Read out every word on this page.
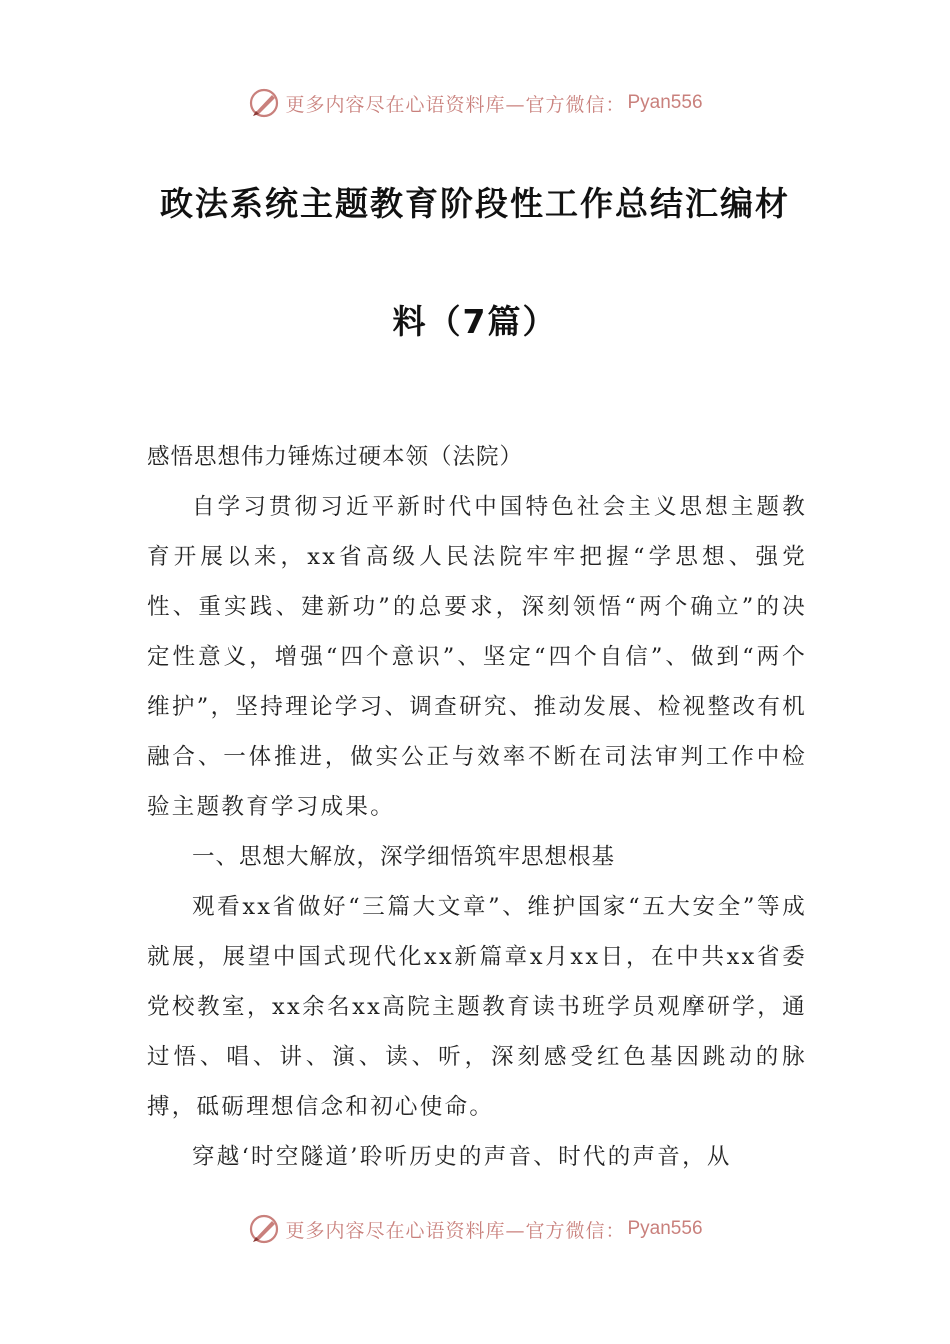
更多内容尽在心语资料库—官方微信： Pyan556
政法系统主题教育阶段性工作总结汇编材
料（7篇）

感悟思想伟力锤炼过硬本领（法院）

自学习贯彻习近平新时代中国特色社会主义思想主题教育开展以来，xx省高级人民法院牢牢把握“学思想、强党性、重实践、建新功”的总要求，深刻领悟“两个确立”的决定性意义，增强“四个意识”、坚定“四个自信”、做到“两个维护”，坚持理论学习、调查研究、推动发展、检视整改有机融合、一体推进，做实公正与效率不断在司法审判工作中检验主题教育学习成果。

一、思想大解放，深学细悟筑牢思想根基

观看xx省做好“三篇大文章”、维护国家“五大安全”等成就展，展望中国式现代化xx新篇章x月xx日，在中共xx省委党校教室，xx余名xx高院主题教育读书班学员观摩研学，通过悟、唱、讲、演、读、听，深刻感受红色基因跳动的脉搏，砥砺理想信念和初心使命。

穿越‘时空隧道’聆听历史的声音、时代的声音，从

更多内容尽在心语资料库—官方微信： Pyan556
